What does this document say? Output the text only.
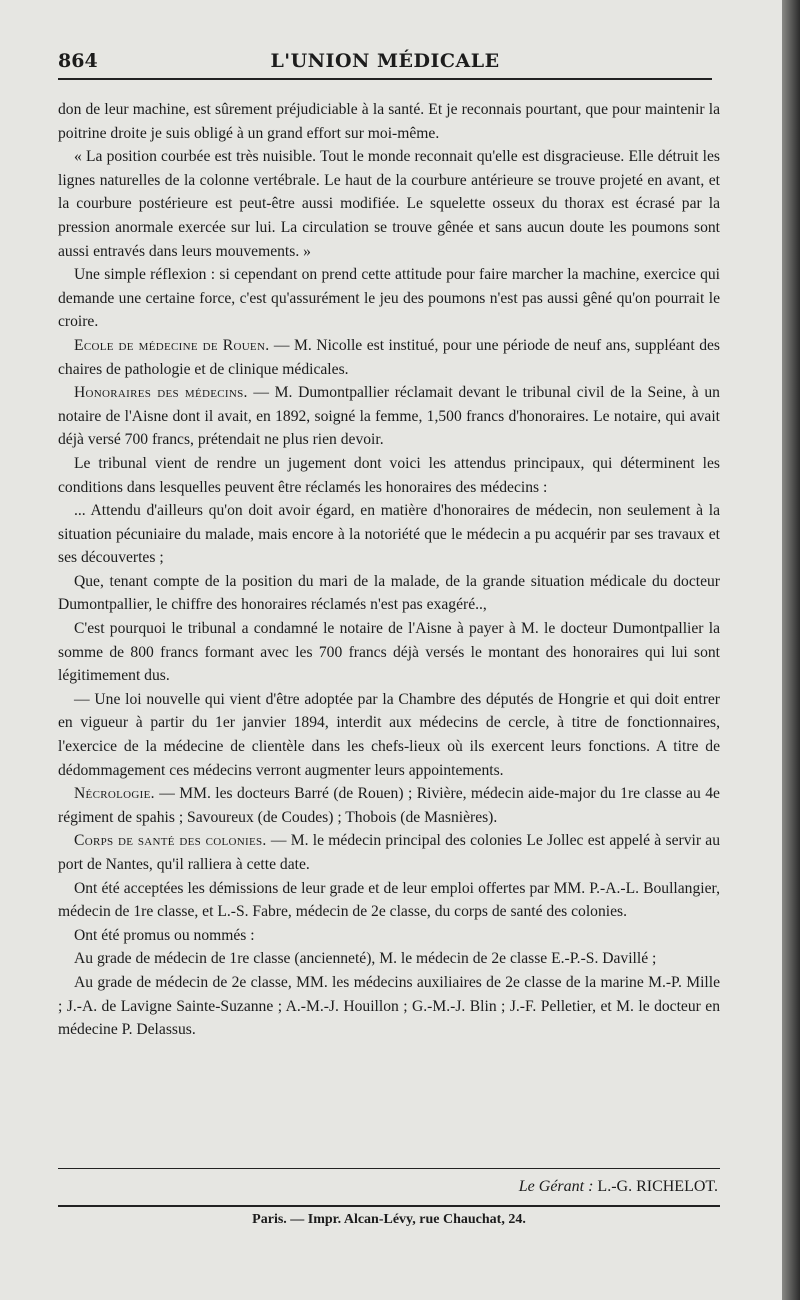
864	L'UNION MÉDICALE

don de leur machine, est sûrement préjudiciable à la santé. Et je reconnais pourtant, que pour maintenir la poitrine droite je suis obligé à un grand effort sur moi-même.

« La position courbée est très nuisible. Tout le monde reconnait qu'elle est disgracieuse. Elle détruit les lignes naturelles de la colonne vertébrale. Le haut de la courbure antérieure se trouve projeté en avant, et la courbure postérieure est peut-être aussi modifiée. Le squelette osseux du thorax est écrasé par la pression anormale exercée sur lui. La circulation se trouve gênée et sans aucun doute les poumons sont aussi entravés dans leurs mouvements. »

Une simple réflexion : si cependant on prend cette attitude pour faire marcher la machine, exercice qui demande une certaine force, c'est qu'assurément le jeu des poumons n'est pas aussi gêné qu'on pourrait le croire.

Ecole de médecine de Rouen. — M. Nicolle est institué, pour une période de neuf ans, suppléant des chaires de pathologie et de clinique médicales.

Honoraires des médecins. — M. Dumontpallier réclamait devant le tribunal civil de la Seine, à un notaire de l'Aisne dont il avait, en 1892, soigné la femme, 1,500 francs d'honoraires. Le notaire, qui avait déjà versé 700 francs, prétendait ne plus rien devoir.

Le tribunal vient de rendre un jugement dont voici les attendus principaux, qui déterminent les conditions dans lesquelles peuvent être réclamés les honoraires des médecins :

... Attendu d'ailleurs qu'on doit avoir égard, en matière d'honoraires de médecin, non seulement à la situation pécuniaire du malade, mais encore à la notoriété que le médecin a pu acquérir par ses travaux et ses découvertes ;

Que, tenant compte de la position du mari de la malade, de la grande situation médicale du docteur Dumontpallier, le chiffre des honoraires réclamés n'est pas exagéré..,

C'est pourquoi le tribunal a condamné le notaire de l'Aisne à payer à M. le docteur Dumontpallier la somme de 800 francs formant avec les 700 francs déjà versés le montant des honoraires qui lui sont légitimement dus.

— Une loi nouvelle qui vient d'être adoptée par la Chambre des députés de Hongrie et qui doit entrer en vigueur à partir du 1er janvier 1894, interdit aux médecins de cercle, à titre de fonctionnaires, l'exercice de la médecine de clientèle dans les chefs-lieux où ils exercent leurs fonctions. A titre de dédommagement ces médecins verront augmenter leurs appointements.

Nécrologie. — MM. les docteurs Barré (de Rouen) ; Rivière, médecin aide-major du 1re classe au 4e régiment de spahis ; Savoureux (de Coudes) ; Thobois (de Masnières).

Corps de santé des colonies. — M. le médecin principal des colonies Le Jollec est appelé à servir au port de Nantes, qu'il ralliera à cette date.

Ont été acceptées les démissions de leur grade et de leur emploi offertes par MM. P.-A.-L. Boullangier, médecin de 1re classe, et L.-S. Fabre, médecin de 2e classe, du corps de santé des colonies.

Ont été promus ou nommés :

Au grade de médecin de 1re classe (ancienneté), M. le médecin de 2e classe E.-P.-S. Davillé ;

Au grade de médecin de 2e classe, MM. les médecins auxiliaires de 2e classe de la marine M.-P. Mille ; J.-A. de Lavigne Sainte-Suzanne ; A.-M.-J. Houillon ; G.-M.-J. Blin ; J.-F. Pelletier, et M. le docteur en médecine P. Delassus.

Le Gérant : L.-G. RICHELOT.
Paris. — Impr. Alcan-Lévy, rue Chauchat, 24.
